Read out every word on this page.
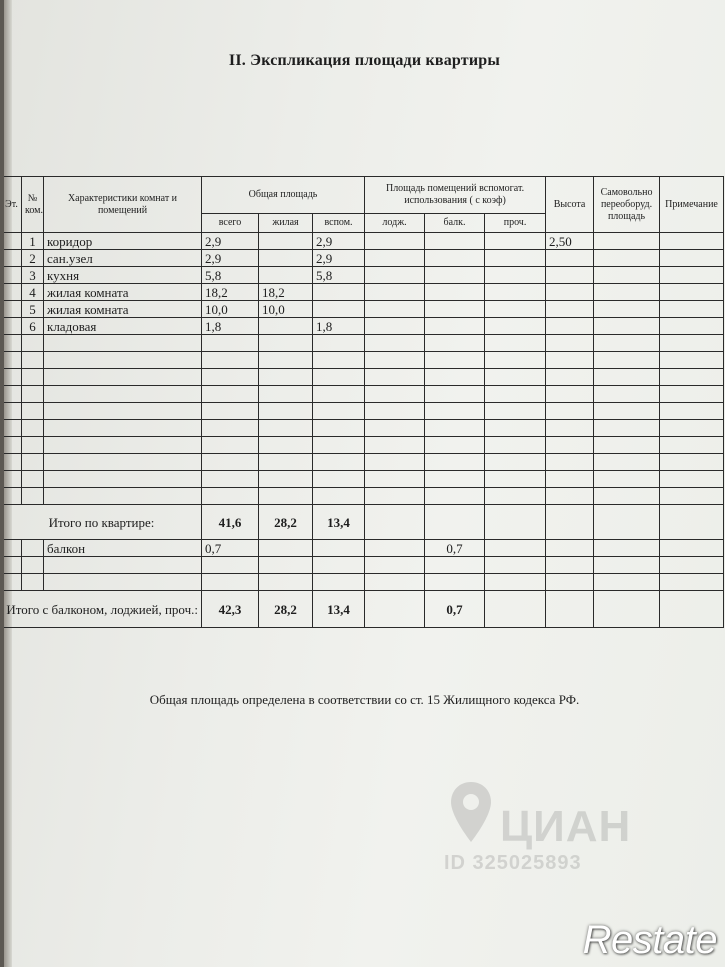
II. Экспликация площади квартиры
Эт.	№ ком.	Характеристики комнат и помещений	Общая площадь			Площадь помещений вспомогат. использования ( с коэф)			Высота	Самовольно переоборуд. площадь	Примечание
			всего	жилая	вспом.	лодж.	балк.	проч.			
	1	коридор	2,9		2,9				2,50		
	2	сан.узел	2,9		2,9						
	3	кухня	5,8		5,8						
	4	жилая комната	18,2	18,2							
	5	жилая комната	10,0	10,0							
	6	кладовая	1,8		1,8						

Итого по квартире:			41,6	28,2	13,4						
		балкон	0,7				0,7				

Итого с балконом, лоджией, проч.:			42,3	28,2	13,4		0,7				
Общая площадь определена в соответствии со ст. 15 Жилищного кодекса РФ.
ЦИАН
ID 325025893
Restate
